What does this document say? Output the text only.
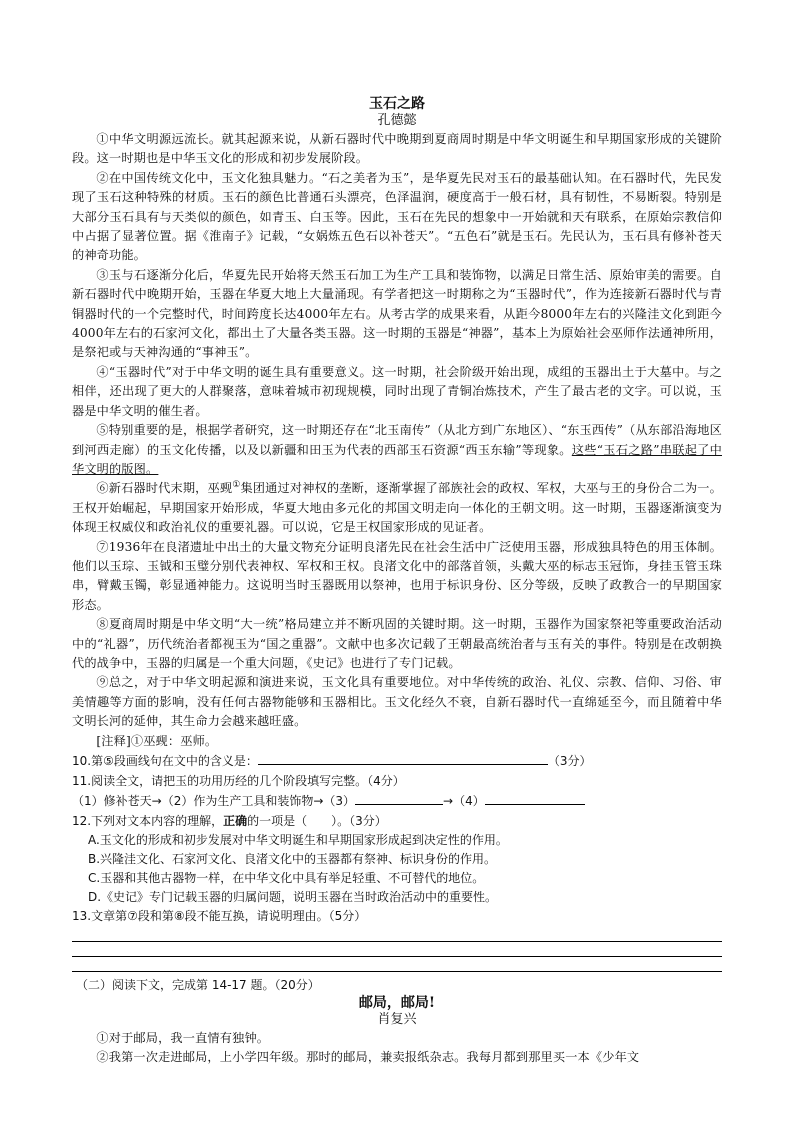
玉石之路

孔德懿

①中华文明源远流长。就其起源来说，从新石器时代中晚期到夏商周时期是中华文明诞生和早期国家形成的关键阶段。这一时期也是中华玉文化的形成和初步发展阶段。

②在中国传统文化中，玉文化独具魅力。“石之美者为玉”，是华夏先民对玉石的最基础认知。在石器时代，先民发现了玉石这种特殊的材质。玉石的颜色比普通石头漂亮，色泽温润，硬度高于一般石材，具有韧性，不易断裂。特别是大部分玉石具有与天类似的颜色，如青玉、白玉等。因此，玉石在先民的想象中一开始就和天有联系，在原始宗教信仰中占据了显著位置。据《淮南子》记载，“女娲炼五色石以补苍天”。“五色石”就是玉石。先民认为，玉石具有修补苍天的神奇功能。

③玉与石逐渐分化后，华夏先民开始将天然玉石加工为生产工具和装饰物，以满足日常生活、原始审美的需要。自新石器时代中晚期开始，玉器在华夏大地上大量涌现。有学者把这一时期称之为“玉器时代”，作为连接新石器时代与青铜器时代的一个完整时代，时间跨度长达4000年左右。从考古学的成果来看，从距今8000年左右的兴隆洼文化到距今4000年左右的石家河文化，都出土了大量各类玉器。这一时期的玉器是“神器”，基本上为原始社会巫师作法通神所用，是祭祀或与天神沟通的“事神玉”。

④“玉器时代”对于中华文明的诞生具有重要意义。这一时期，社会阶级开始出现，成组的玉器出土于大墓中。与之相伴，还出现了更大的人群聚落，意味着城市初现规模，同时出现了青铜冶炼技术，产生了最古老的文字。可以说，玉器是中华文明的催生者。

⑤特别重要的是，根据学者研究，这一时期还存在“北玉南传”（从北方到广东地区）、“东玉西传”（从东部沿海地区到河西走廊）的玉文化传播，以及以新疆和田玉为代表的西部玉石资源“西玉东输”等现象。这些“玉石之路”串联起了中华文明的版图。

⑥新石器时代末期，巫觋①集团通过对神权的垄断，逐渐掌握了部族社会的政权、军权，大巫与王的身份合二为一。王权开始崛起，早期国家开始形成，华夏大地由多元化的邦国文明走向一体化的王朝文明。这一时期，玉器逐渐演变为体现王权威仪和政治礼仪的重要礼器。可以说，它是王权国家形成的见证者。

⑦1936年在良渚遗址中出土的大量文物充分证明良渚先民在社会生活中广泛使用玉器，形成独具特色的用玉体制。他们以玉琮、玉钺和玉璧分别代表神权、军权和王权。良渚文化中的部落首领，头戴大巫的标志玉冠饰，身挂玉管玉珠串，臂戴玉镯，彰显通神能力。这说明当时玉器既用以祭神，也用于标识身份、区分等级，反映了政教合一的早期国家形态。

⑧夏商周时期是中华文明“大一统”格局建立并不断巩固的关键时期。这一时期，玉器作为国家祭祀等重要政治活动中的“礼器”，历代统治者都视玉为“国之重器”。文献中也多次记载了王朝最高统治者与玉有关的事件。特别是在改朝换代的战争中，玉器的归属是一个重大问题，《史记》也进行了专门记载。

⑨总之，对于中华文明起源和演进来说，玉文化具有重要地位。对中华传统的政治、礼仪、宗教、信仰、习俗、审美情趣等方面的影响，没有任何古器物能够和玉器相比。玉文化经久不衰，自新石器时代一直绵延至今，而且随着中华文明长河的延伸，其生命力会越来越旺盛。

[注释]①巫觋：巫师。

10.第⑤段画线句在文中的含义是：	（3分）

11.阅读全文，请把玉的功用历经的几个阶段填写完整。（4分）

（1）修补苍天→（2）作为生产工具和装饰物→（3）	→（4）

12.下列对文本内容的理解，正确的一项是（　　）。（3分）

A.玉文化的形成和初步发展对中华文明诞生和早期国家形成起到决定性的作用。

B.兴隆洼文化、石家河文化、良渚文化中的玉器都有祭神、标识身份的作用。

C.玉器和其他古器物一样，在中华文化中具有举足轻重、不可替代的地位。

D.《史记》专门记载玉器的归属问题，说明玉器在当时政治活动中的重要性。

13.文章第⑦段和第⑧段不能互换，请说明理由。（5分）

（二）阅读下文，完成第 14-17 题。（20分）

邮局，邮局!

肖复兴

①对于邮局，我一直情有独钟。

②我第一次走进邮局，上小学四年级。那时的邮局，兼卖报纸杂志。我每月都到那里买一本《少年文
